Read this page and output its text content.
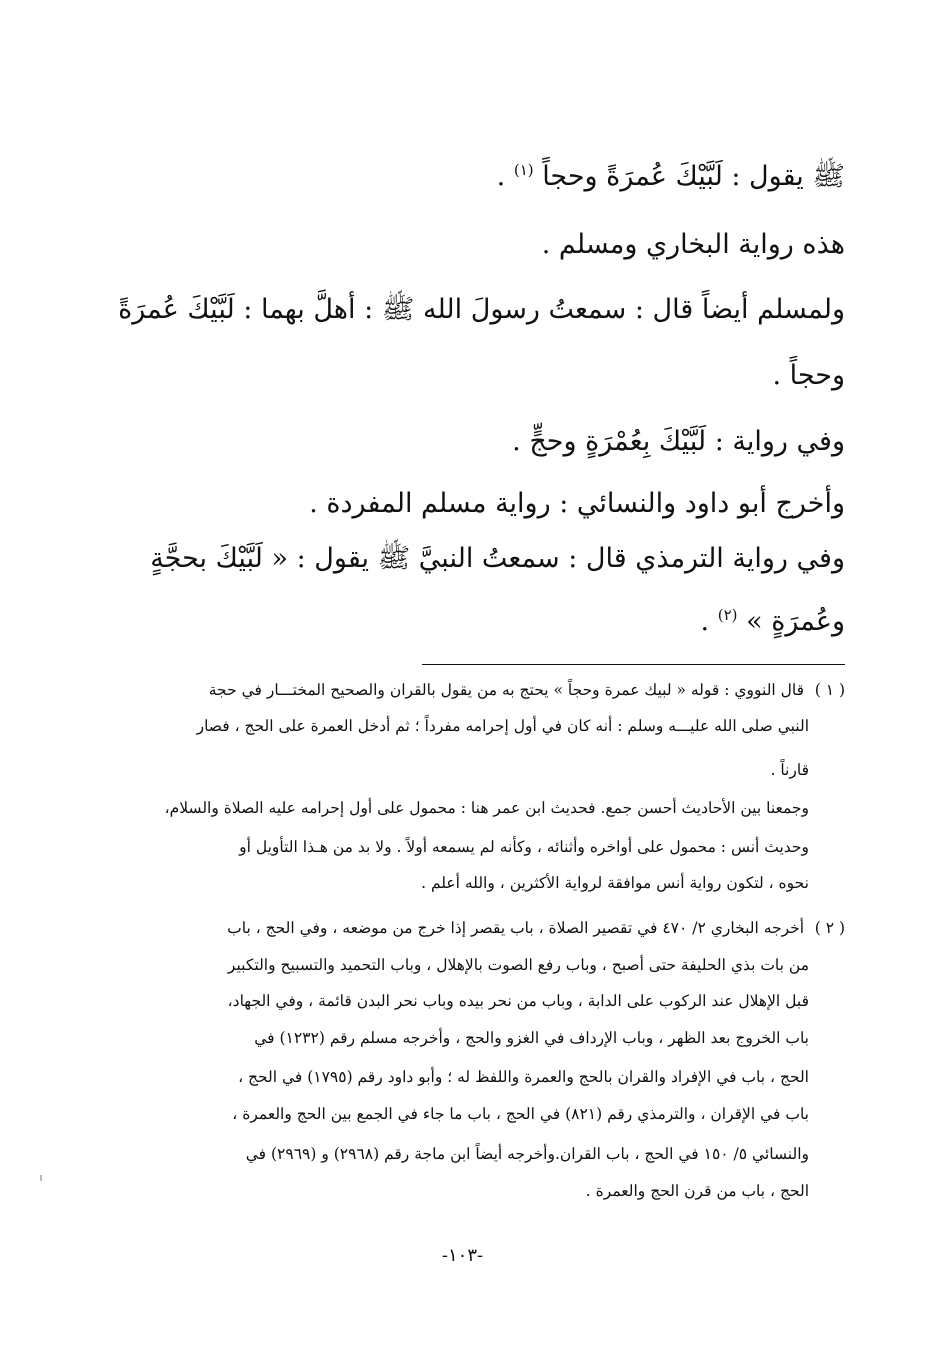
ﷺ يقول : لَبَّيْكَ عُمرَةً وحجاً $^{(١)}$ .
هذه رواية البخاري ومسلم .
ولمسلم أيضاً قال : سمعتُ رسولَ الله ﷺ : أهلَّ بهما : لَبَّيْكَ عُمرَةً
وحجاً .
وفي رواية : لَبَّيْكَ بِعُمْرَةٍ وحجٍّ .
وأخرج أبو داود والنسائي : رواية مسلم المفردة .
وفي رواية الترمذي قال : سمعتُ النبيَّ ﷺ يقول : « لَبَّيْكَ بحجَّةٍ
وعُمرَةٍ » $^{(٢)}$ .
( ١ ) قال النووي : قوله « لبيك عمرة وحجاً » يحتج به من يقول بالقران والصحيح المختـــار في حجة
النبي صلى الله عليـــه وسلم : أنه كان في أول إحرامه مفرداً ؛ ثم أدخل العمرة على الحج ، فصار
قارناً .
وجمعنا بين الأحاديث أحسن جمع. فحديث ابن عمر هنا : محمول على أول إحرامه عليه الصلاة والسلام،
وحديث أنس : محمول على أواخره وأثنائه ، وكأنه لم يسمعه أولاً . ولا بد من هـذا التأويل أو
نحوه ، لتكون رواية أنس موافقة لرواية الأكثرين ، والله أعلم .
( ٢ ) أخرجه البخاري ٢/ ٤٧٠ في تقصير الصلاة ، باب يقصر إذا خرج من موضعه ، وفي الحج ، باب
من بات بذي الحليفة حتى أصبح ، وباب رفع الصوت بالإهلال ، وباب التحميد والتسبيح والتكبير
قبل الإهلال عند الركوب على الدابة ، وباب من نحر بيده وباب نحر البدن قائمة ، وفي الجهاد،
باب الخروج بعد الظهر ، وباب الإرداف في الغزو والحج ، وأخرجه مسلم رقم (١٢٣٢) في
الحج ، باب في الإفراد والقران بالحج والعمرة واللفظ له ؛ وأبو داود رقم (١٧٩٥) في الحج ،
باب في الإقران ، والترمذي رقم (٨٢١) في الحج ، باب ما جاء في الجمع بين الحج والعمرة ،
والنسائي ٥/ ١٥٠ في الحج ، باب القران.وأخرجه أيضاً ابن ماجة رقم (٢٩٦٨) و (٢٩٦٩) في
الحج ، باب من قرن الحج والعمرة .
-١٠٣-
